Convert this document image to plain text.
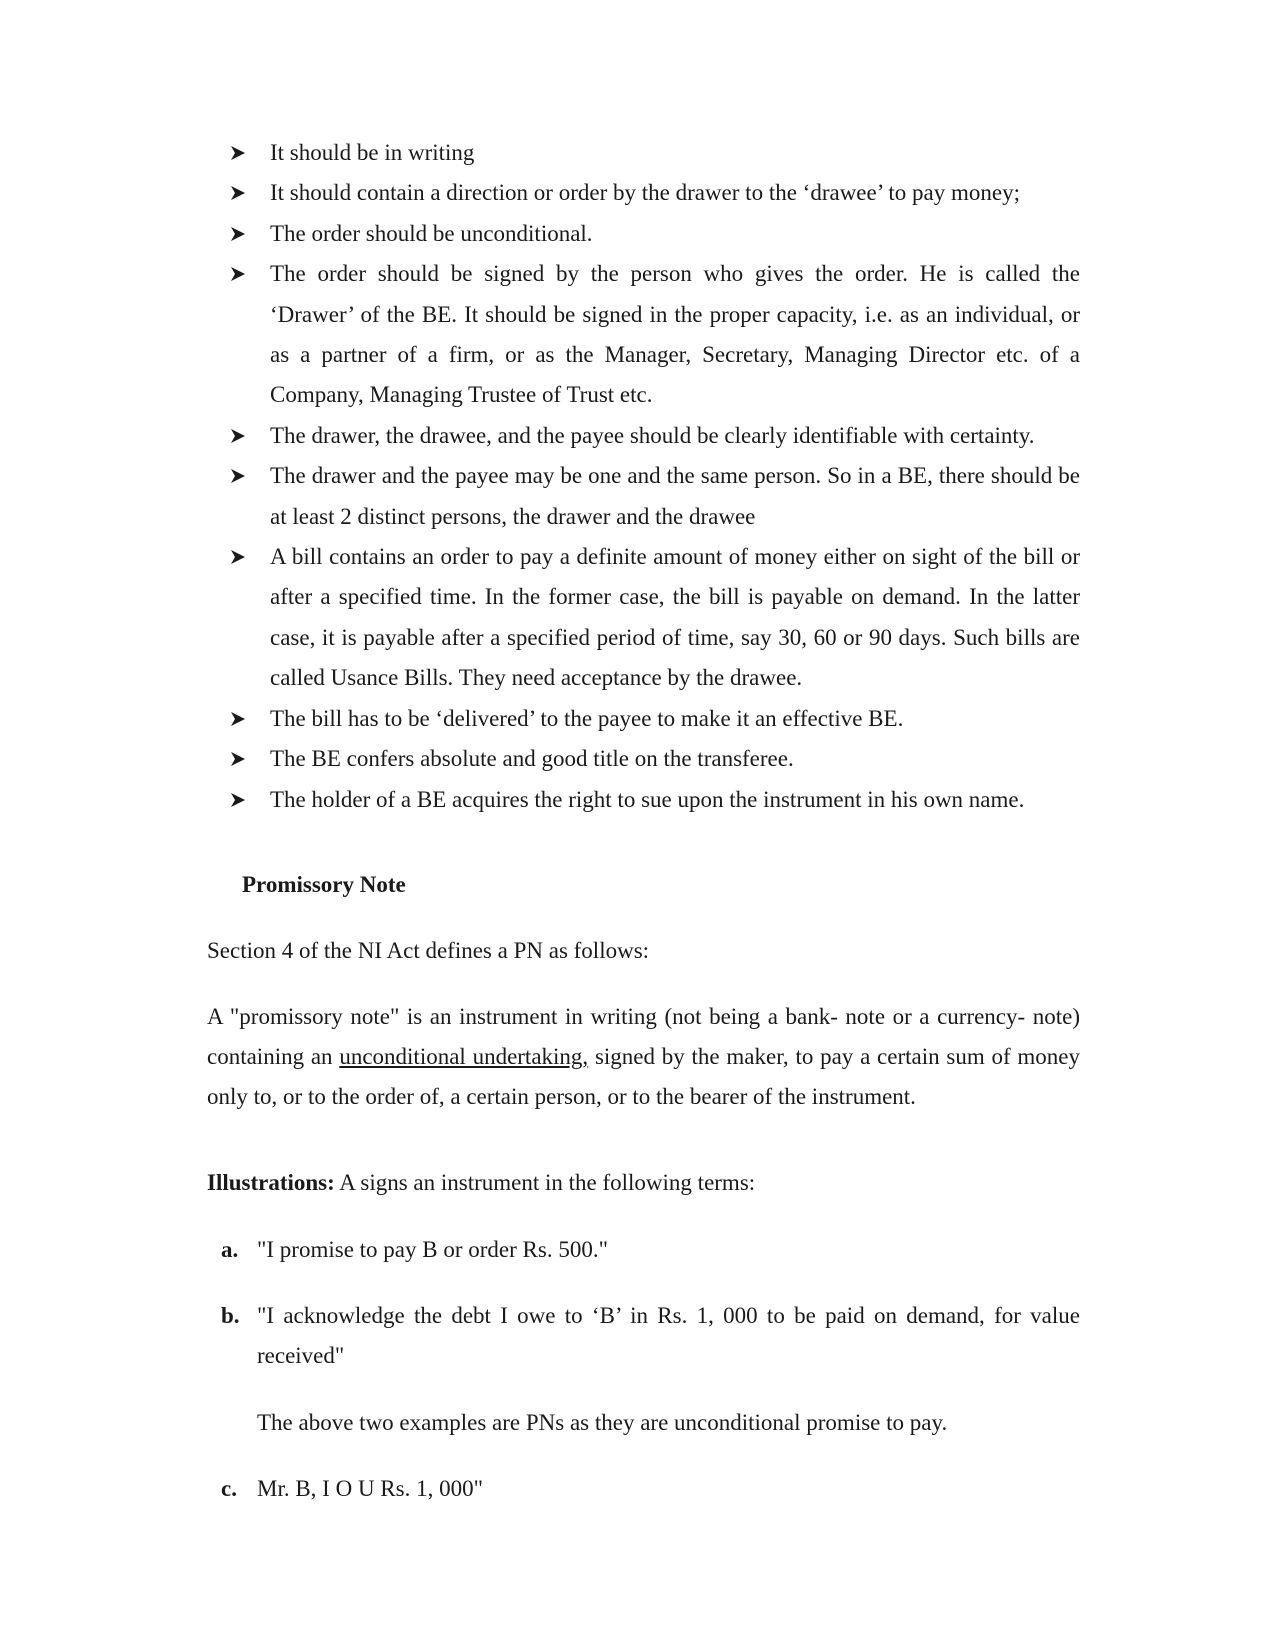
It should be in writing
It should contain a direction or order by the drawer to the ‘drawee’ to pay money;
The order should be unconditional.
The order should be signed by the person who gives the order. He is called the ‘Drawer’ of the BE. It should be signed in the proper capacity, i.e. as an individual, or as a partner of a firm, or as the Manager, Secretary, Managing Director etc. of a Company, Managing Trustee of Trust etc.
The drawer, the drawee, and the payee should be clearly identifiable with certainty.
The drawer and the payee may be one and the same person. So in a BE, there should be at least 2 distinct persons, the drawer and the drawee
A bill contains an order to pay a definite amount of money either on sight of the bill or after a specified time. In the former case, the bill is payable on demand. In the latter case, it is payable after a specified period of time, say 30, 60 or 90 days. Such bills are called Usance Bills. They need acceptance by the drawee.
The bill has to be ‘delivered’ to the payee to make it an effective BE.
The BE confers absolute and good title on the transferee.
The holder of a BE acquires the right to sue upon the instrument in his own name.
Promissory Note

Section 4 of the NI Act defines a PN as follows:

A "promissory note" is an instrument in writing (not being a bank- note or a currency- note) containing an unconditional undertaking, signed by the maker, to pay a certain sum of money only to, or to the order of, a certain person, or to the bearer of the instrument.

Illustrations: A signs an instrument in the following terms:

a. "I promise to pay B or order Rs. 500."
b. "I acknowledge the debt I owe to ‘B’ in Rs. 1, 000 to be paid on demand, for value received"
The above two examples are PNs as they are unconditional promise to pay.
c. Mr. B, I O U Rs. 1, 000"
